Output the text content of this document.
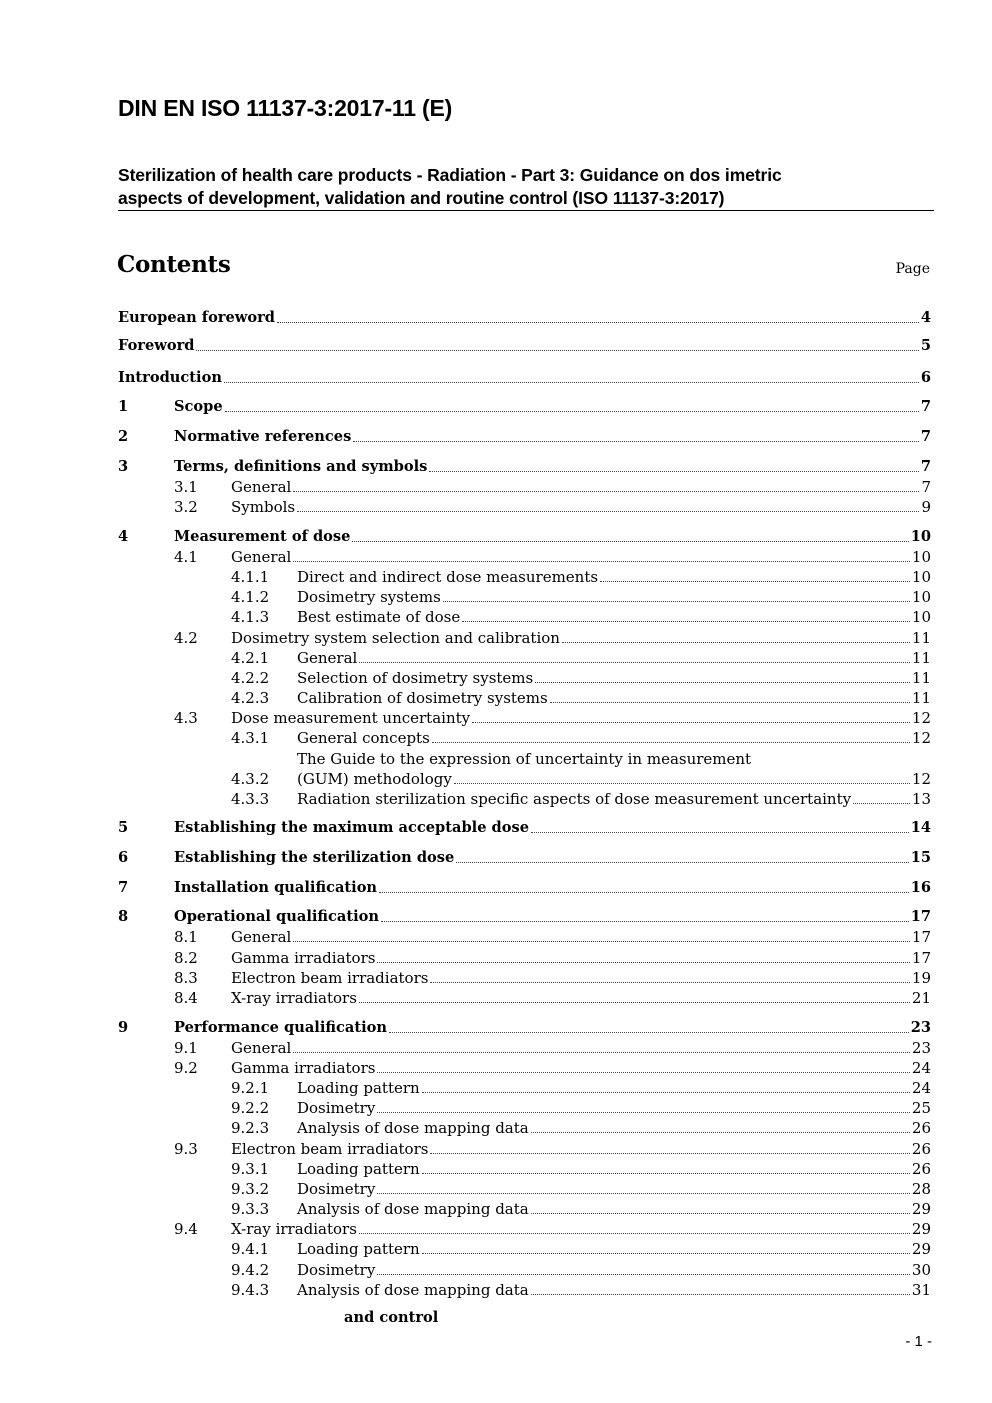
DIN EN ISO 11137-3:2017-11 (E)
Sterilization of health care products - Radiation - Part 3: Guidance on dos imetric
aspects of development, validation and routine control (ISO 11137-3:2017)
Contents	Page
European foreword	4
Foreword	5
Introduction	6
1	Scope	7
2	Normative references	7
3	Terms, definitions and symbols	7
3.1 General	7
3.2 Symbols	9
4	Measurement of dose	10
4.1 General	10
4.1.1 Direct and indirect dose measurements	10
4.1.2 Dosimetry systems	10
4.1.3 Best estimate of dose	10
4.2 Dosimetry system selection and calibration	11
4.2.1 General	11
4.2.2 Selection of dosimetry systems	11
4.2.3 Calibration of dosimetry systems	11
4.3 Dose measurement uncertainty	12
4.3.1 General concepts	12
The Guide to the expression of uncertainty in measurement
4.3.2 (GUM) methodology	12
4.3.3 Radiation sterilization specific aspects of dose measurement uncertainty	13
5	Establishing the maximum acceptable dose	14
6	Establishing the sterilization dose	15
7	Installation qualification	16
8	Operational qualification	17
8.1 General	17
8.2 Gamma irradiators	17
8.3 Electron beam irradiators	19
8.4 X-ray irradiators	21
9	Performance qualification	23
9.1 General	23
9.2 Gamma irradiators	24
9.2.1 Loading pattern	24
9.2.2 Dosimetry	25
9.2.3 Analysis of dose mapping data	26
9.3 Electron beam irradiators	26
9.3.1 Loading pattern	26
9.3.2 Dosimetry	28
9.3.3 Analysis of dose mapping data	29
9.4 X-ray irradiators	29
9.4.1 Loading pattern	29
9.4.2 Dosimetry	30
9.4.3 Analysis of dose mapping data	31
and control
- 1 -
